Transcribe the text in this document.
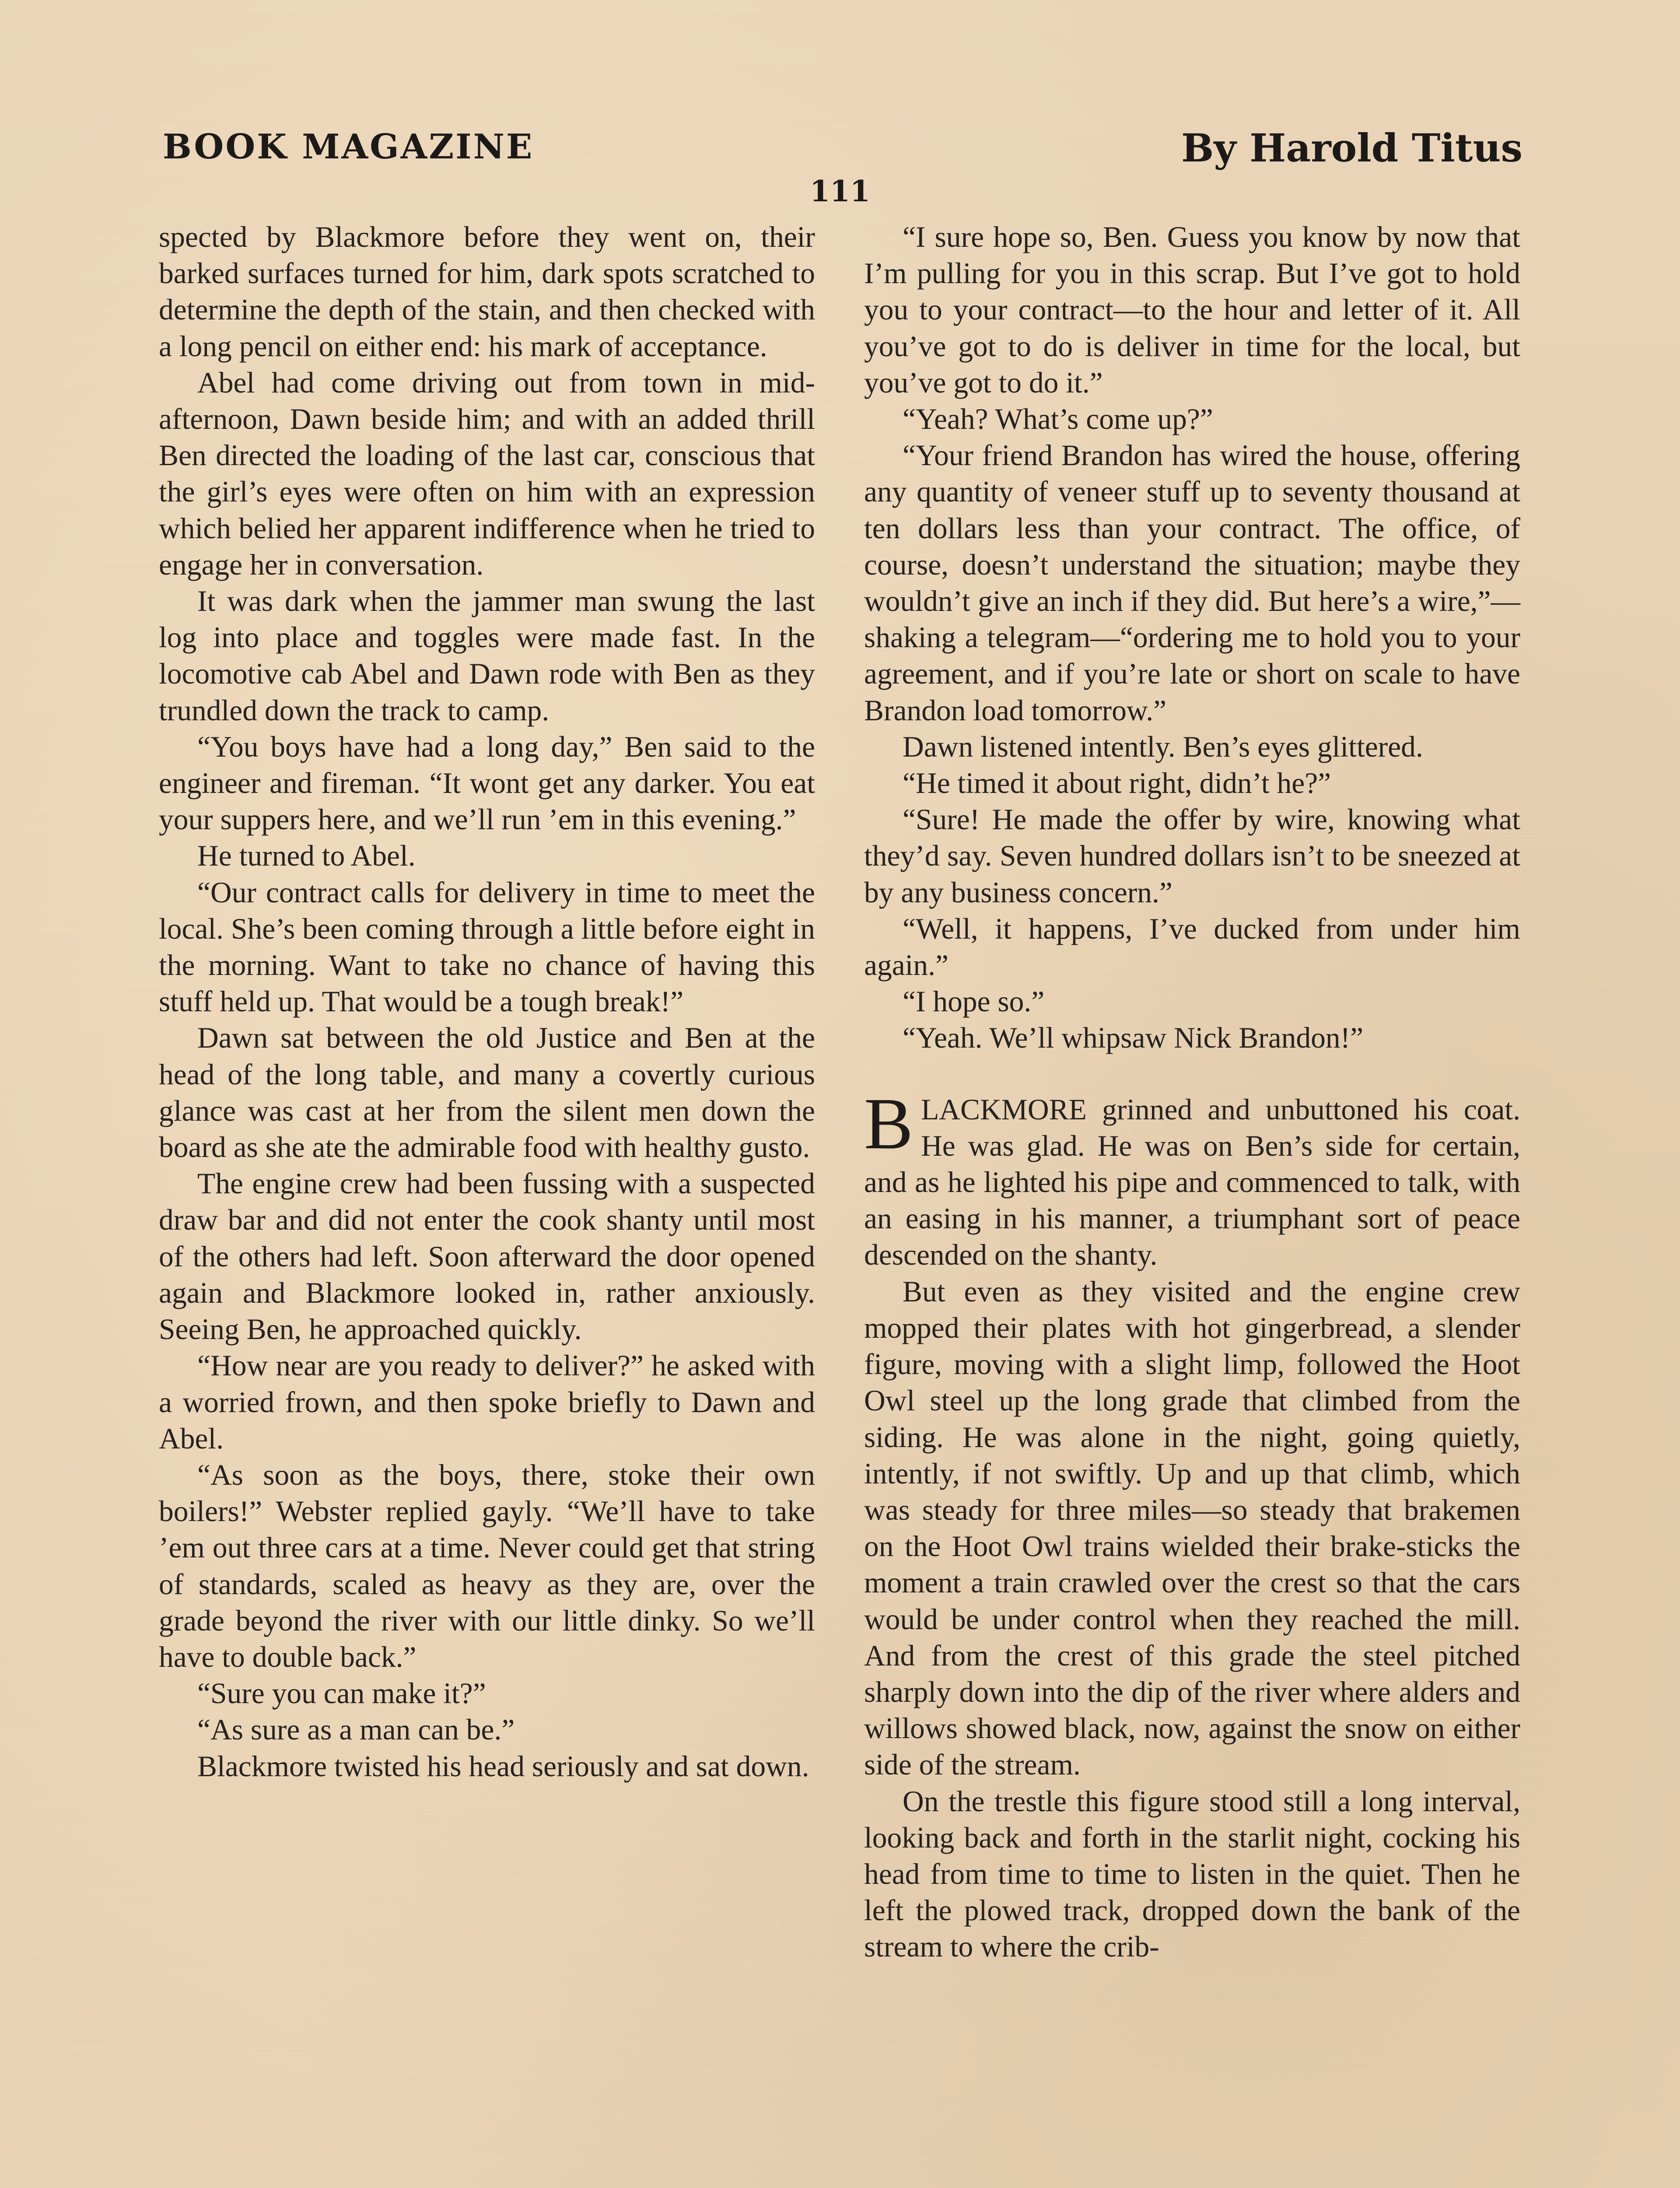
BOOK MAGAZINE	By Harold Titus
111

spected by Blackmore before they went on, their barked surfaces turned for him, dark spots scratched to determine the depth of the stain, and then checked with a long pencil on either end: his mark of acceptance.

Abel had come driving out from town in mid-afternoon, Dawn beside him; and with an added thrill Ben directed the loading of the last car, conscious that the girl’s eyes were often on him with an expression which belied her apparent indifference when he tried to engage her in conversation.

It was dark when the jammer man swung the last log into place and toggles were made fast. In the locomotive cab Abel and Dawn rode with Ben as they trundled down the track to camp.

“You boys have had a long day,” Ben said to the engineer and fireman. “It wont get any darker. You eat your suppers here, and we’ll run ’em in this evening.”

He turned to Abel.

“Our contract calls for delivery in time to meet the local. She’s been coming through a little before eight in the morning. Want to take no chance of having this stuff held up. That would be a tough break!”

Dawn sat between the old Justice and Ben at the head of the long table, and many a covertly curious glance was cast at her from the silent men down the board as she ate the admirable food with healthy gusto.

The engine crew had been fussing with a suspected draw bar and did not enter the cook shanty until most of the others had left. Soon afterward the door opened again and Blackmore looked in, rather anxiously. Seeing Ben, he approached quickly.

“How near are you ready to deliver?” he asked with a worried frown, and then spoke briefly to Dawn and Abel.

“As soon as the boys, there, stoke their own boilers!” Webster replied gayly. “We’ll have to take ’em out three cars at a time. Never could get that string of standards, scaled as heavy as they are, over the grade beyond the river with our little dinky. So we’ll have to double back.”

“Sure you can make it?”

“As sure as a man can be.”

Blackmore twisted his head seriously and sat down.

“I sure hope so, Ben. Guess you know by now that I’m pulling for you in this scrap. But I’ve got to hold you to your contract—to the hour and letter of it. All you’ve got to do is deliver in time for the local, but you’ve got to do it.”

“Yeah? What’s come up?”

“Your friend Brandon has wired the house, offering any quantity of veneer stuff up to seventy thousand at ten dollars less than your contract. The office, of course, doesn’t understand the situation; maybe they wouldn’t give an inch if they did. But here’s a wire,”—shaking a telegram—“ordering me to hold you to your agreement, and if you’re late or short on scale to have Brandon load tomorrow.”

Dawn listened intently. Ben’s eyes glittered.

“He timed it about right, didn’t he?”

“Sure! He made the offer by wire, knowing what they’d say. Seven hundred dollars isn’t to be sneezed at by any business concern.”

“Well, it happens, I’ve ducked from under him again.”

“I hope so.”

“Yeah. We’ll whipsaw Nick Brandon!”

BLACKMORE grinned and unbuttoned his coat. He was glad. He was on Ben’s side for certain, and as he lighted his pipe and commenced to talk, with an easing in his manner, a triumphant sort of peace descended on the shanty.

But even as they visited and the engine crew mopped their plates with hot gingerbread, a slender figure, moving with a slight limp, followed the Hoot Owl steel up the long grade that climbed from the siding. He was alone in the night, going quietly, intently, if not swiftly. Up and up that climb, which was steady for three miles—so steady that brakemen on the Hoot Owl trains wielded their brake-sticks the moment a train crawled over the crest so that the cars would be under control when they reached the mill. And from the crest of this grade the steel pitched sharply down into the dip of the river where alders and willows showed black, now, against the snow on either side of the stream.

On the trestle this figure stood still a long interval, looking back and forth in the starlit night, cocking his head from time to time to listen in the quiet. Then he left the plowed track, dropped down the bank of the stream to where the crib-
